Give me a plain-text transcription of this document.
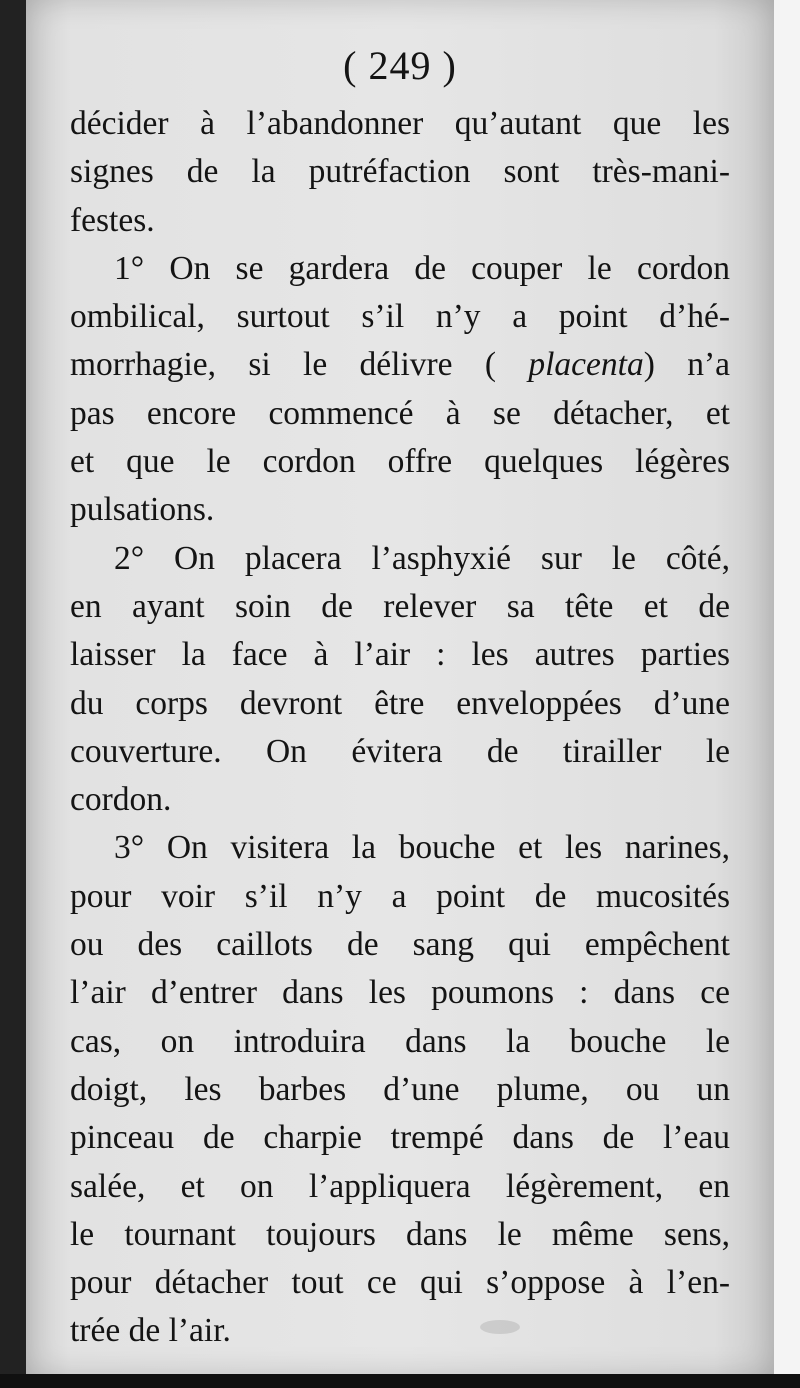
( 249 )
décider à l’abandonner qu’autant que les
signes de la putréfaction sont très-mani-
festes.
1° On se gardera de couper le cordon
ombilical, surtout s’il n’y a point d’hé-
morrhagie, si le délivre ( placenta) n’a
pas encore commencé à se détacher, et
et que le cordon offre quelques légères
pulsations.
2° On placera l’asphyxié sur le côté,
en ayant soin de relever sa tête et de
laisser la face à l’air : les autres parties
du corps devront être enveloppées d’une
couverture. On évitera de tirailler le
cordon.
3° On visitera la bouche et les narines,
pour voir s’il n’y a point de mucosités
ou des caillots de sang qui empêchent
l’air d’entrer dans les poumons : dans ce
cas, on introduira dans la bouche le
doigt, les barbes d’une plume, ou un
pinceau de charpie trempé dans de l’eau
salée, et on l’appliquera légèrement, en
le tournant toujours dans le même sens,
pour détacher tout ce qui s’oppose à l’en-
trée de l’air.
